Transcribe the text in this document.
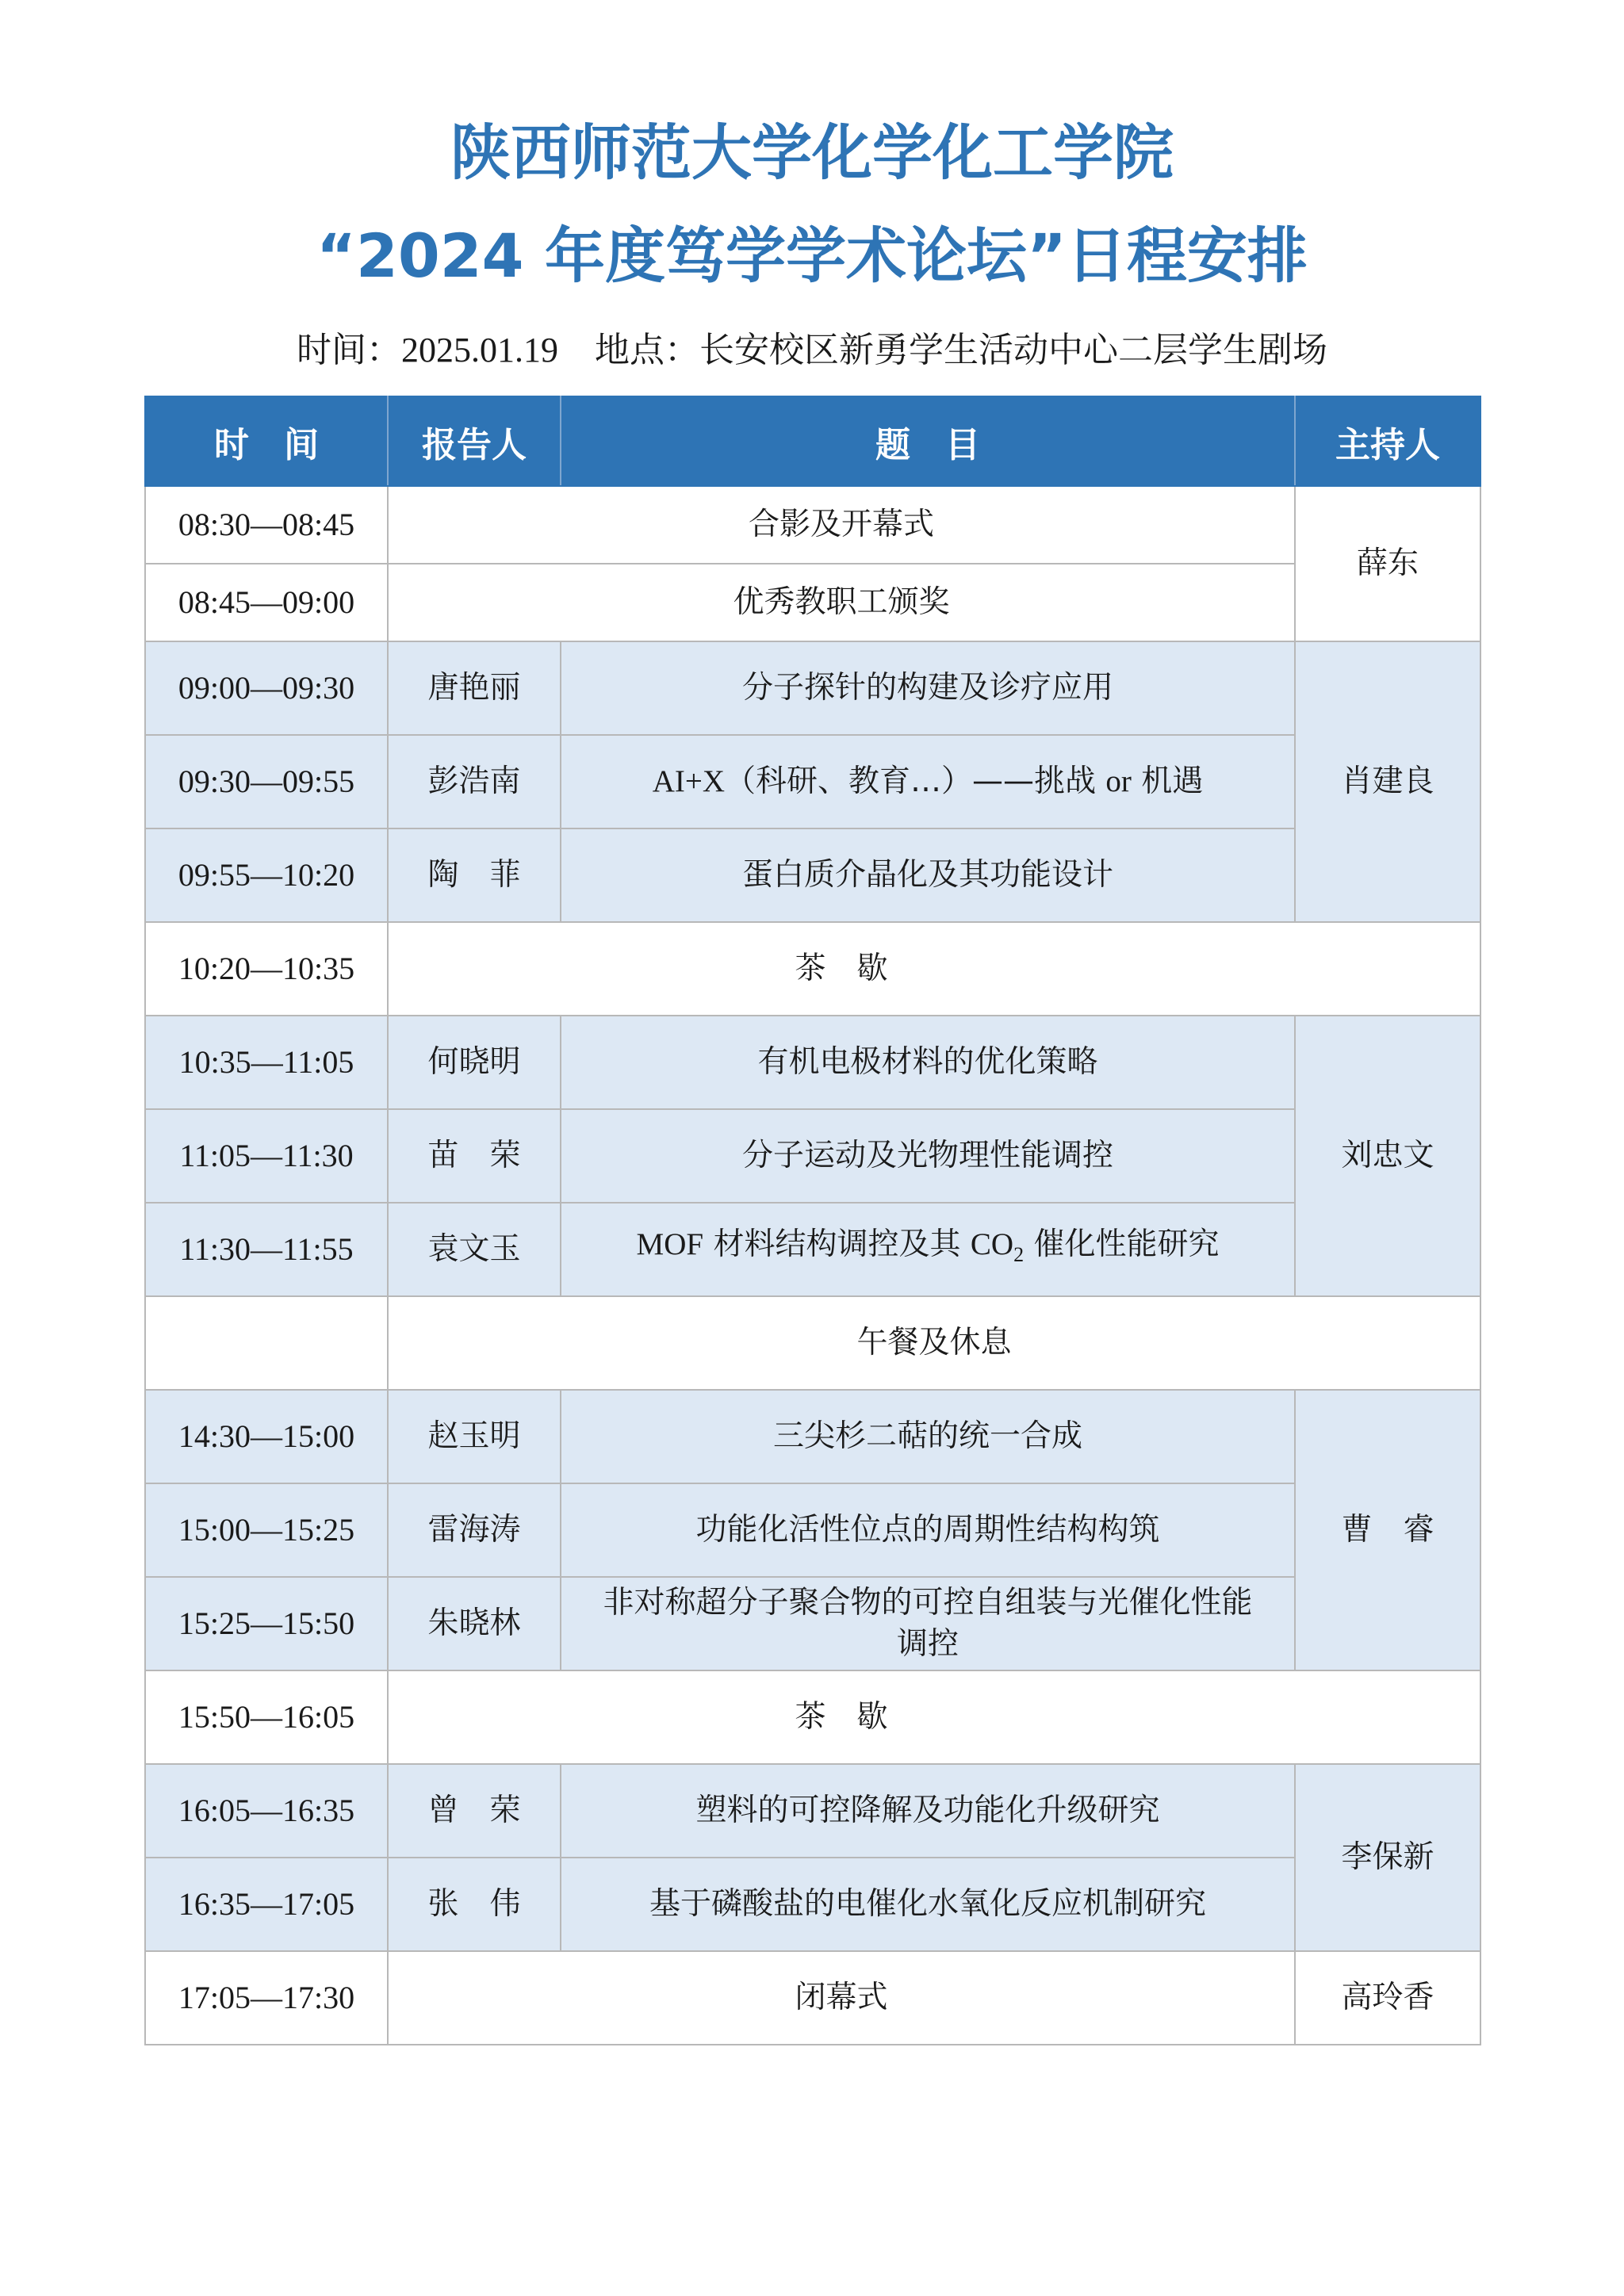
陕西师范大学化学化工学院
“2024 年度笃学学术论坛”日程安排
时间：2025.01.19 地点：长安校区新勇学生活动中心二层学生剧场
时　间	报告人	题　目	主持人
08:30—08:45	合影及开幕式		薛东
08:45—09:00	优秀教职工颁奖		
09:00—09:30	唐艳丽	分子探针的构建及诊疗应用	肖建良
09:30—09:55	彭浩南	AI+X（科研、教育…）——挑战 or 机遇	
09:55—10:20	陶　菲	蛋白质介晶化及其功能设计	
10:20—10:35	茶　歇		
10:35—11:05	何晓明	有机电极材料的优化策略	刘忠文
11:05—11:30	苗　荣	分子运动及光物理性能调控	
11:30—11:55	袁文玉	MOF 材料结构调控及其 $CO_2$ 催化性能研究	
	午餐及休息		
14:30—15:00	赵玉明	三尖杉二萜的统一合成	曹　睿
15:00—15:25	雷海涛	功能化活性位点的周期性结构构筑	
15:25—15:50	朱晓林	非对称超分子聚合物的可控自组装与光催化性能调控	
15:50—16:05	茶　歇		
16:05—16:35	曾　荣	塑料的可控降解及功能化升级研究	李保新
16:35—17:05	张　伟	基于磷酸盐的电催化水氧化反应机制研究	
17:05—17:30	闭幕式		高玲香
